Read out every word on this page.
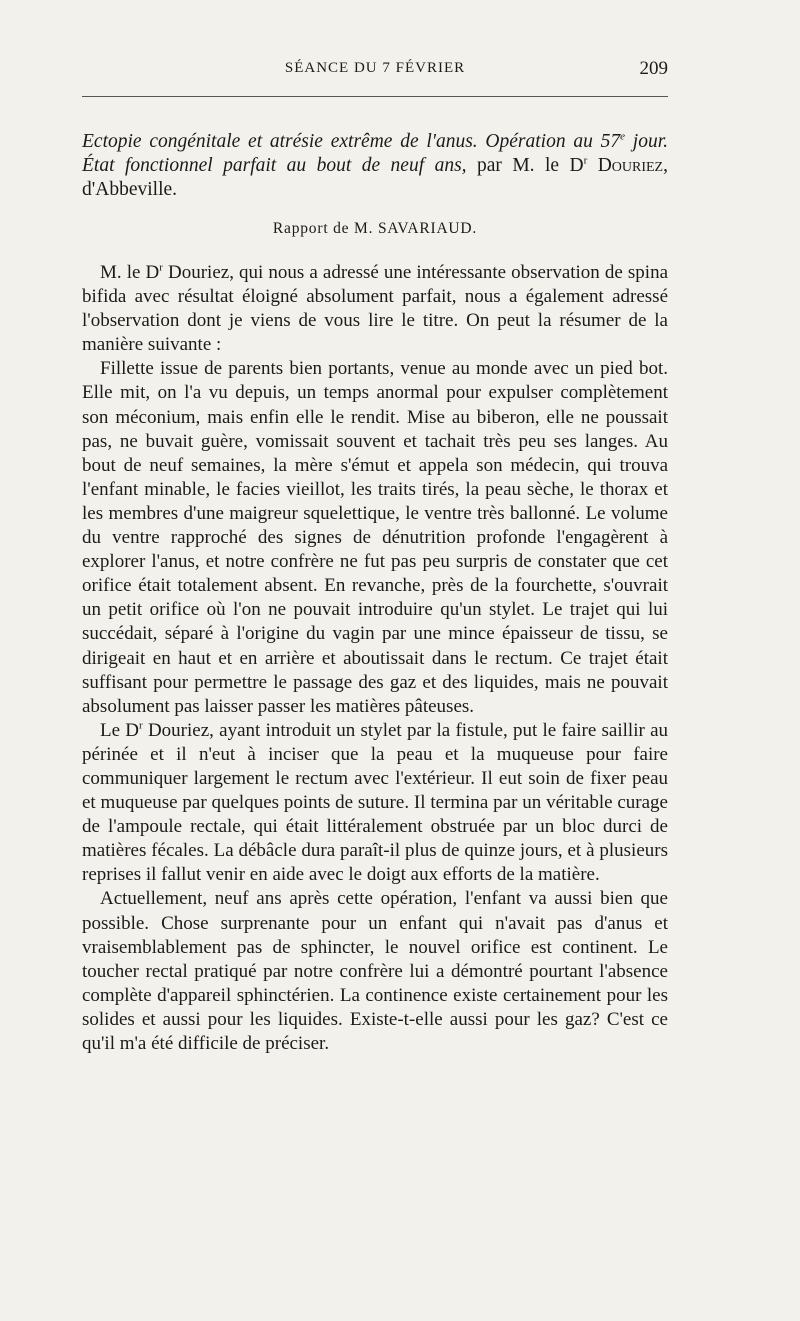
SÉANCE DU 7 FÉVRIER	209
Ectopie congénitale et atrésie extrême de l'anus. Opération au 57e jour. État fonctionnel parfait au bout de neuf ans, par M. le $D^r$ Douriez, d'Abbeville.
Rapport de M. SAVARIAUD.

M. le $D^r$ Douriez, qui nous a adressé une intéressante observation de spina bifida avec résultat éloigné absolument parfait, nous a également adressé l'observation dont je viens de vous lire le titre. On peut la résumer de la manière suivante :

Fillette issue de parents bien portants, venue au monde avec un pied bot. Elle mit, on l'a vu depuis, un temps anormal pour expulser complètement son méconium, mais enfin elle le rendit. Mise au biberon, elle ne poussait pas, ne buvait guère, vomissait souvent et tachait très peu ses langes. Au bout de neuf semaines, la mère s'émut et appela son médecin, qui trouva l'enfant minable, le facies vieillot, les traits tirés, la peau sèche, le thorax et les membres d'une maigreur squelettique, le ventre très ballonné. Le volume du ventre rapproché des signes de dénutrition profonde l'engagèrent à explorer l'anus, et notre confrère ne fut pas peu surpris de constater que cet orifice était totalement absent. En revanche, près de la fourchette, s'ouvrait un petit orifice où l'on ne pouvait introduire qu'un stylet. Le trajet qui lui succédait, séparé à l'origine du vagin par une mince épaisseur de tissu, se dirigeait en haut et en arrière et aboutissait dans le rectum. Ce trajet était suffisant pour permettre le passage des gaz et des liquides, mais ne pouvait absolument pas laisser passer les matières pâteuses.

Le $D^r$ Douriez, ayant introduit un stylet par la fistule, put le faire saillir au périnée et il n'eut à inciser que la peau et la muqueuse pour faire communiquer largement le rectum avec l'extérieur. Il eut soin de fixer peau et muqueuse par quelques points de suture. Il termina par un véritable curage de l'ampoule rectale, qui était littéralement obstruée par un bloc durci de matières fécales. La débâcle dura paraît-il plus de quinze jours, et à plusieurs reprises il fallut venir en aide avec le doigt aux efforts de la matière.

Actuellement, neuf ans après cette opération, l'enfant va aussi bien que possible. Chose surprenante pour un enfant qui n'avait pas d'anus et vraisemblablement pas de sphincter, le nouvel orifice est continent. Le toucher rectal pratiqué par notre confrère lui a démontré pourtant l'absence complète d'appareil sphinctérien. La continence existe certainement pour les solides et aussi pour les liquides. Existe-t-elle aussi pour les gaz? C'est ce qu'il m'a été difficile de préciser.
